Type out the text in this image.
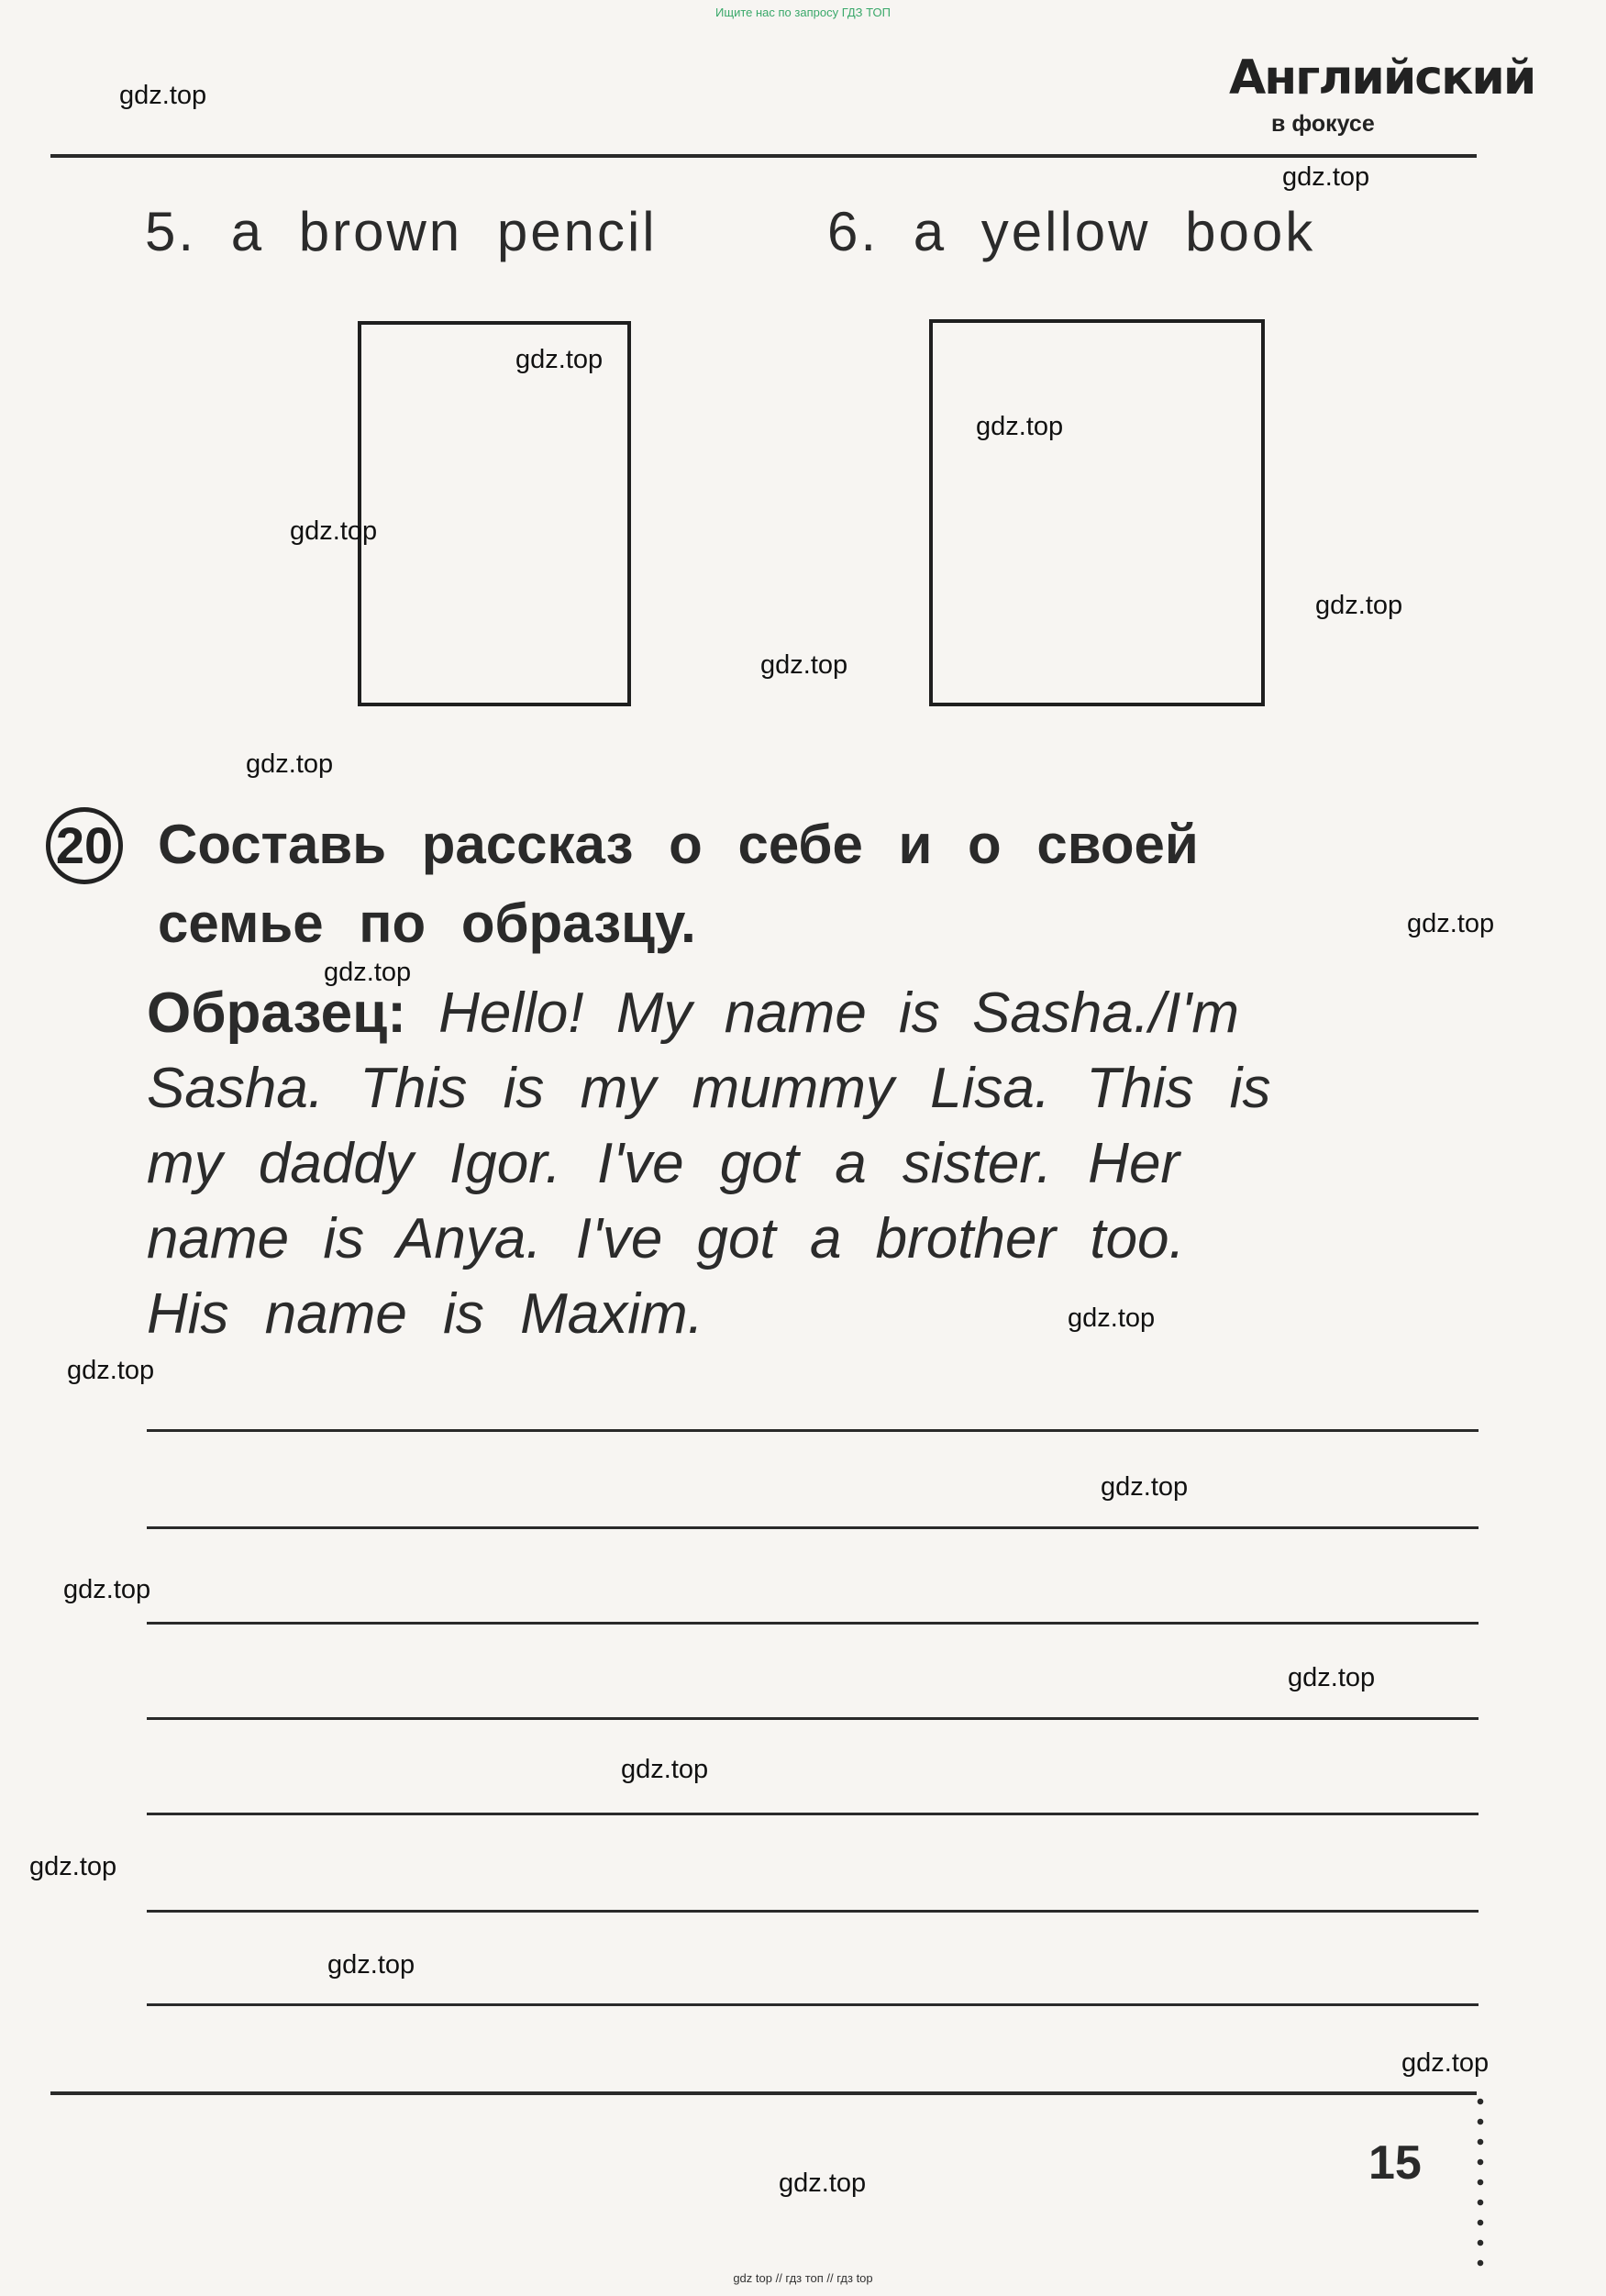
Ищите нас по запросу ГДЗ ТОП
Английский
в фокусе
5. a brown pencil	6. a yellow book
20 Составь рассказ о себе и о своей
семье по образцу.
Образец: Hello! My name is Sasha./I'm
Sasha. This is my mummy Lisa. This is
my daddy Igor. I've got a sister. Her
name is Anya. I've got a brother too.
His name is Maxim.
15
gdz.top
gdz.top
gdz.top
gdz.top
gdz.top
gdz.top
gdz.top
gdz.top
gdz.top
gdz.top
gdz.top
gdz.top
gdz.top
gdz.top
gdz.top
gdz.top
gdz.top
gdz.top
gdz.top
gdz.top
gdz top // гдз топ // гдз top
